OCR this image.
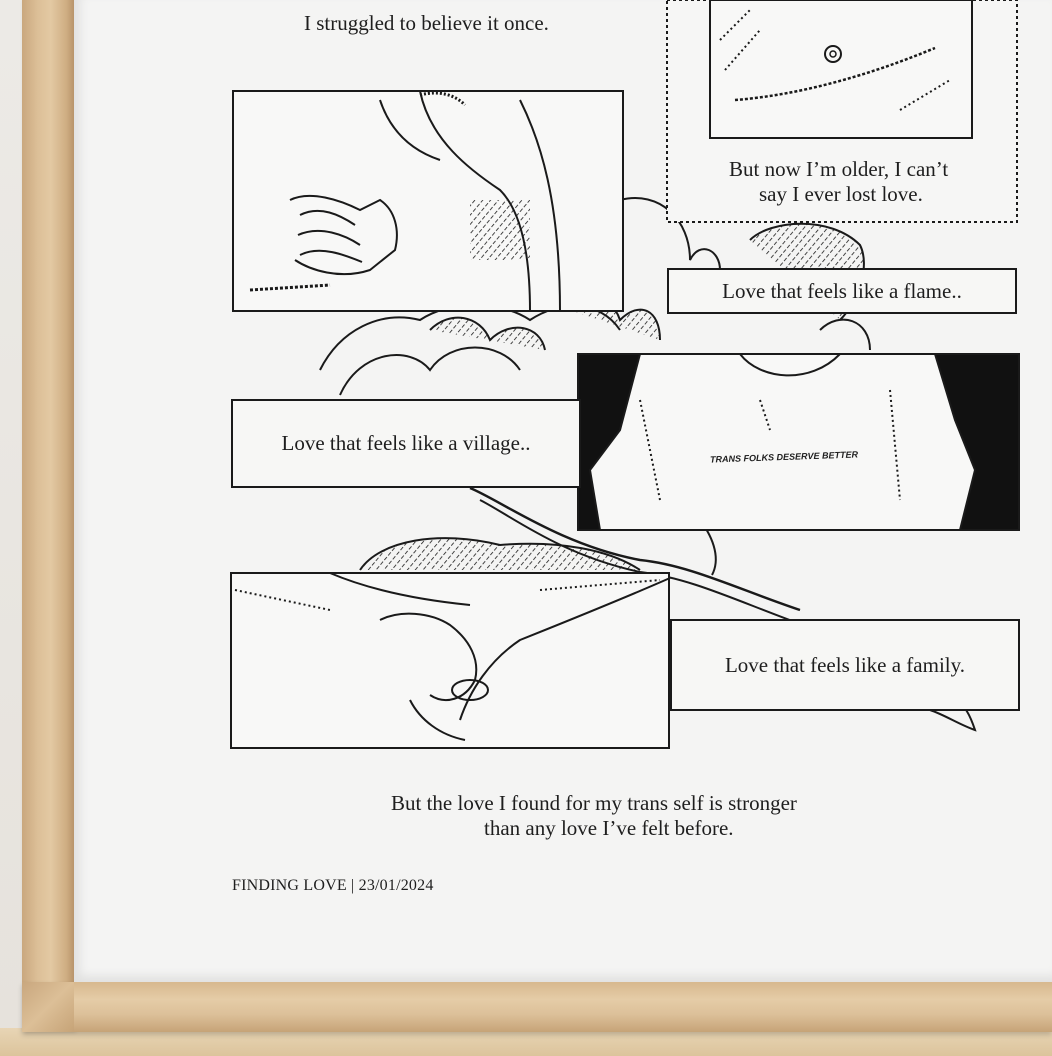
I struggled to believe it once.
But now I’m older, I can’t
say I ever lost love.
Love that feels like a flame..
Love that feels like a village..
TRANS FOLKS DESERVE BETTER
Love that feels like a family.
But the love I found for my trans self is stronger
than any love I’ve felt before.
FINDING LOVE | 23/01/2024
